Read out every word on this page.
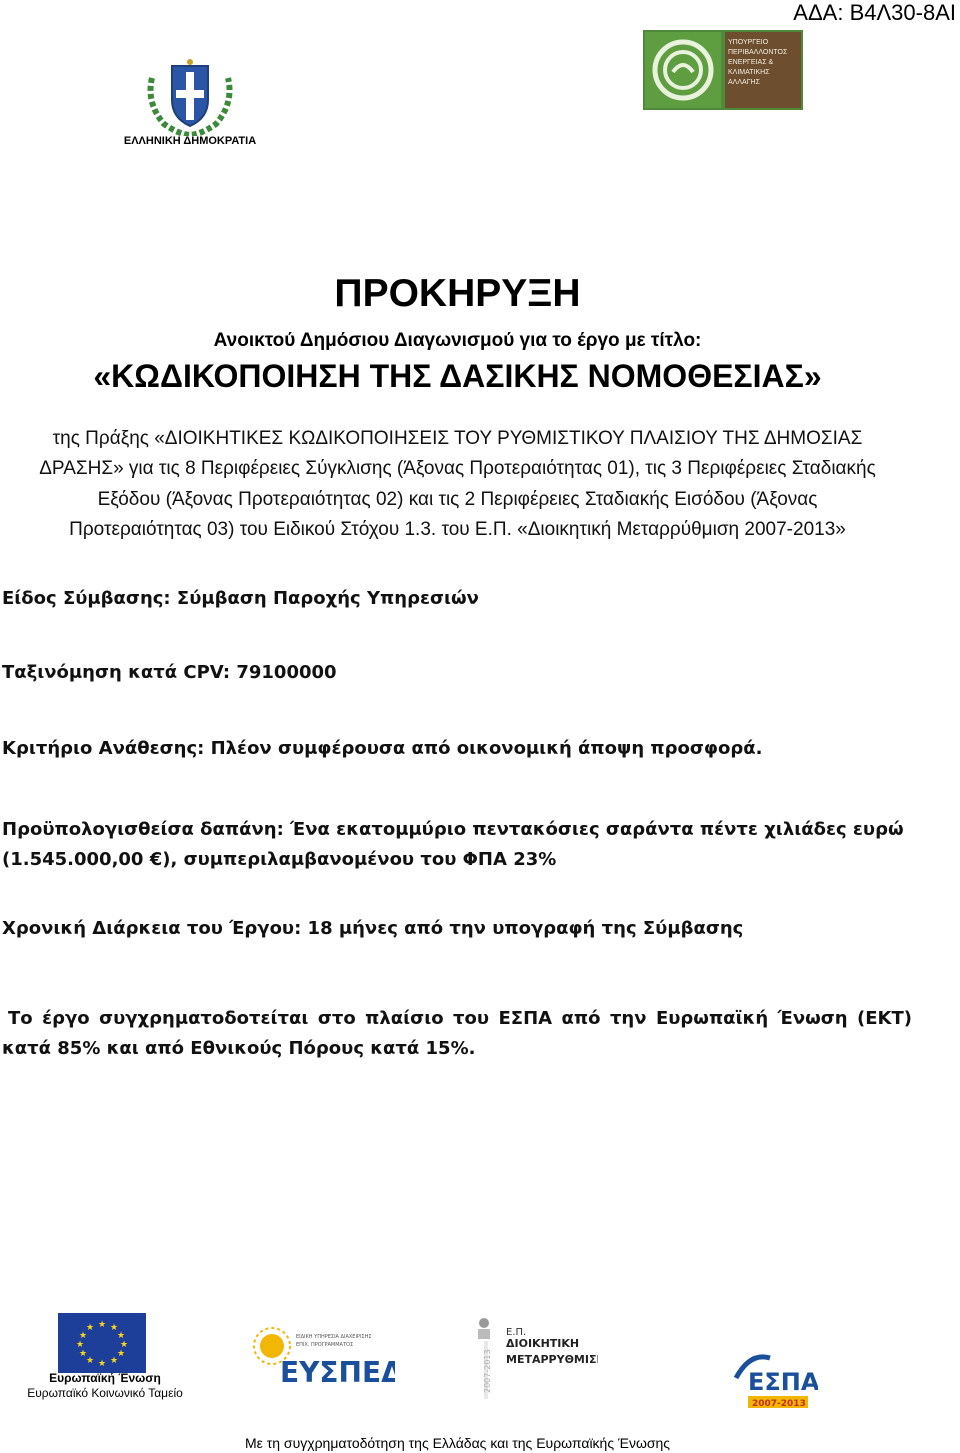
ΑΔΑ: Β4Λ30-8ΑΙ
ΕΛΛΗΝΙΚΗ ΔΗΜΟΚΡΑΤΙΑ
ΥΠΟΥΡΓΕΙΟ ΠΕΡΙΒΑΛΛΟΝΤΟΣ ΕΝΕΡΓΕΙΑΣ & ΚΛΙΜΑΤΙΚΗΣ ΑΛΛΑΓΗΣ
ΠΡΟΚΗΡΥΞΗ
Ανοικτού Δημόσιου Διαγωνισμού για το έργο με τίτλο:
«ΚΩΔΙΚΟΠΟΙΗΣΗ ΤΗΣ ΔΑΣΙΚΗΣ ΝΟΜΟΘΕΣΙΑΣ»
της Πράξης «ΔΙΟΙΚΗΤΙΚΕΣ ΚΩΔΙΚΟΠΟΙΗΣΕΙΣ ΤΟΥ ΡΥΘΜΙΣΤΙΚΟΥ ΠΛΑΙΣΙΟΥ ΤΗΣ ΔΗΜΟΣΙΑΣ
ΔΡΑΣΗΣ» για τις 8 Περιφέρειες Σύγκλισης (Άξονας Προτεραιότητας 01), τις 3 Περιφέρειες Σταδιακής
Εξόδου (Άξονας Προτεραιότητας 02) και τις 2 Περιφέρειες Σταδιακής Εισόδου (Άξονας
Προτεραιότητας 03) του Ειδικού Στόχου 1.3. του Ε.Π. «Διοικητική Μεταρρύθμιση 2007-2013»
Είδος Σύμβασης: Σύμβαση Παροχής Υπηρεσιών
Ταξινόμηση κατά CPV: 79100000
Κριτήριο Ανάθεσης: Πλέον συμφέρουσα από οικονομική άποψη προσφορά.
Προϋπολογισθείσα δαπάνη: Ένα εκατομμύριο πεντακόσιες σαράντα πέντε χιλιάδες ευρώ
(1.545.000,00 €), συμπεριλαμβανομένου του ΦΠΑ 23%
Χρονική Διάρκεια του Έργου: 18 μήνες από την υπογραφή της Σύμβασης
Το έργο συγχρηματοδοτείται στο πλαίσιο του ΕΣΠΑ από την Ευρωπαϊκή Ένωση (ΕΚΤ)
κατά 85% και από Εθνικούς Πόρους κατά 15%.
★ ★
★
★
★
★
★
★
★
★
★
★
Ευρωπαϊκή Ένωση
Ευρωπαϊκό Κοινωνικό Ταμείο
ΕΙΔΙΚΗ ΥΠΗΡΕΣΙΑ ΔΙΑΧΕΙΡΙΣΗΣ
ΕΠΙΧ. ΠΡΟΓΡΑΜΜΑΤΟΣ
ΕΥΣΠΕΔ	2007-2013
Ε.Π.
ΔΙΟΙΚΗΤΙΚΗ
ΜΕΤΑΡΡΥΘΜΙΣΗ
ΕΣΠΑ
2007-2013
Με τη συγχρηματοδότηση της Ελλάδας και της Ευρωπαϊκής Ένωσης
